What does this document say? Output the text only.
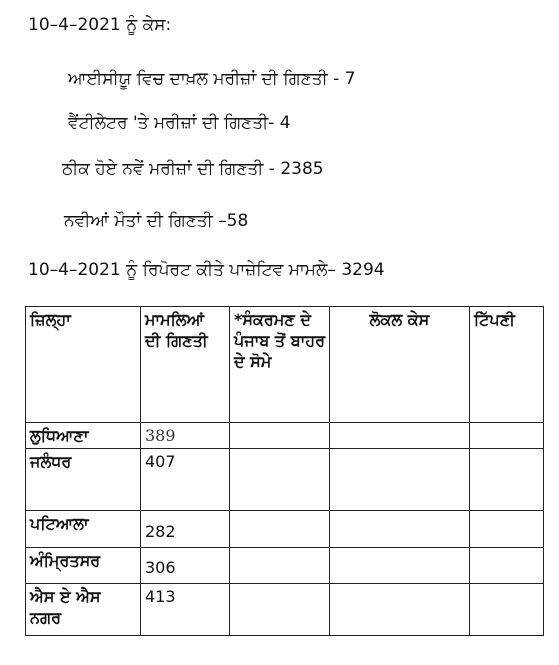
10–4–2021 ਨੂੰ ਕੇਸ:
ਆਈਸੀਯੂ ਵਿਚ ਦਾਖ਼ਲ ਮਰੀਜ਼ਾਂ ਦੀ ਗਿਣਤੀ - 7
ਵੈਂਟੀਲੇਟਰ 'ਤੇ ਮਰੀਜ਼ਾਂ ਦੀ ਗਿਣਤੀ- 4
ਠੀਕ ਹੋਏ ਨਵੇਂ ਮਰੀਜ਼ਾਂ ਦੀ ਗਿਣਤੀ - 2385
ਨਵੀਆਂ ਮੌਤਾਂ ਦੀ ਗਿਣਤੀ –58
10–4–2021 ਨੂੰ ਰਿਪੋਰਟ ਕੀਤੇ ਪਾਜ਼ੇਟਿਵ ਮਾਮਲੇ– 3294
ਜ਼ਿਲ੍ਹਾ	ਮਾਮਲਿਆਂ ਦੀ ਗਿਣਤੀ	*ਸੰਕਰਮਣ ਦੇ ਪੰਜਾਬ ਤੋਂ ਬਾਹਰ ਦੇ ਸੋਮੇ	ਲੋਕਲ ਕੇਸ	ਟਿੱਪਣੀ
ਲੁਧਿਆਣਾ	389			
ਜਲੰਧਰ	407			
ਪਟਿਆਲਾ	282			
ਅੰਮ੍ਰਿਤਸਰ	306			
ਐਸ ਏ ਐਸ ਨਗਰ	413			
